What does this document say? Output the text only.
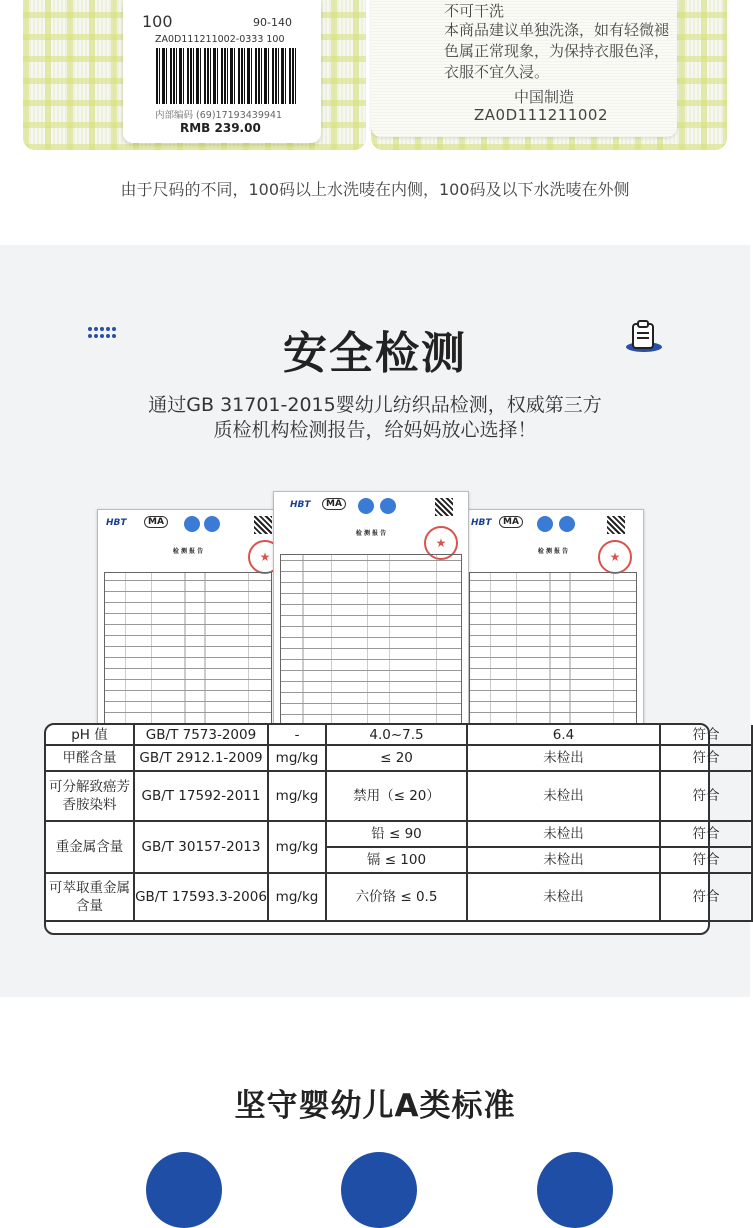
100	90-140
ZA0D111211002-0333 100
内部编码 (69)17193439941
RMB 239.00
不可干洗
本商品建议单独洗涤，如有轻微褪色属正常现象，为保持衣服色泽，衣服不宜久浸。
中国制造
ZA0D111211002
由于尺码的不同，100码以上水洗唛在内侧，100码及以下水洗唛在外侧
安全检测
通过GB 31701-2015婴幼儿纺织品检测，权威第三方
质检机构检测报告，给妈妈放心选择！
HBT	MA
检 测 报 告	★
HBT	MA
检 测 报 告	★
HBT	MA
检 测 报 告
★
pH 值	GB/T 7573-2009	-	4.0~7.5	6.4	符合
甲醛含量	GB/T 2912.1-2009	mg/kg	≤ 20	未检出	符合
可分解致癌芳香胺染料	GB/T 17592-2011	mg/kg	禁用（≤ 20）	未检出	符合
重金属含量	GB/T 30157-2013	mg/kg	铅 ≤ 90	未检出	符合
			镉 ≤ 100	未检出	符合
可萃取重金属含量	GB/T 17593.3-2006	mg/kg	六价铬 ≤ 0.5	未检出	符合
坚守婴幼儿A类标准
